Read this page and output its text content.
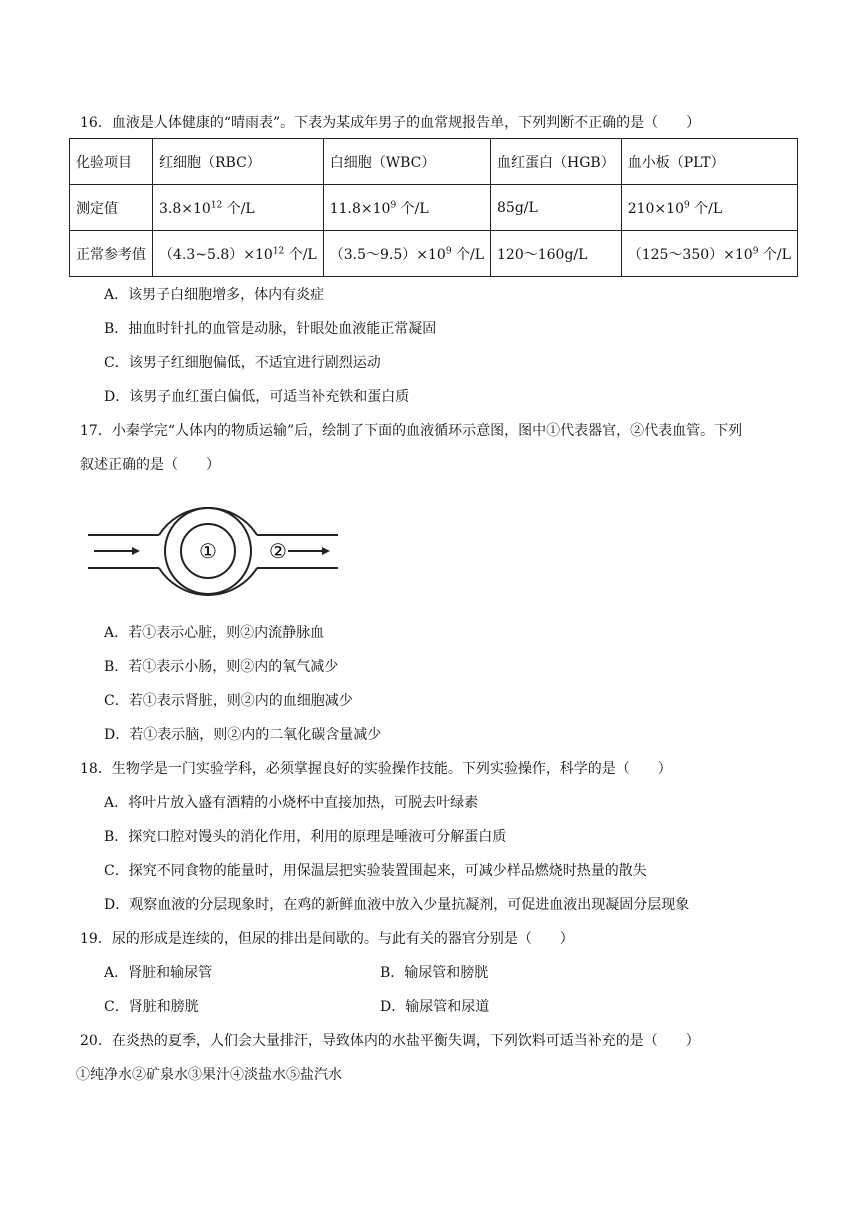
16．血液是人体健康的“晴雨表”。下表为某成年男子的血常规报告单，下列判断不正确的是（　　）
化验项目	红细胞（RBC）	白细胞（WBC）	血红蛋白（HGB）	血小板（PLT）
测定值	$3.8\times 10^{12}$ 个/L	$11.8\times 10^9$ 个/L	85g/L	$210\times 10^9$ 个/L
正常参考值	$(4.3\sim 5.8)\times 10^{12}$ 个/L	$(3.5\sim 9.5)\times 10^9$ 个/L	120～160g/L	$(125\sim 350)\times 10^9$ 个/L
A．该男子白细胞增多，体内有炎症
B．抽血时针扎的血管是动脉，针眼处血液能正常凝固
C．该男子红细胞偏低，不适宜进行剧烈运动
D．该男子血红蛋白偏低，可适当补充铁和蛋白质
17．小秦学完“人体内的物质运输”后，绘制了下面的血液循环示意图，图中①代表器官，②代表血管。下列
叙述正确的是（　　）
①	②
A．若①表示心脏，则②内流静脉血
B．若①表示小肠，则②内的氧气减少
C．若①表示肾脏，则②内的血细胞减少
D．若①表示脑，则②内的二氧化碳含量减少
18．生物学是一门实验学科，必须掌握良好的实验操作技能。下列实验操作，科学的是（　　）
A．将叶片放入盛有酒精的小烧杯中直接加热，可脱去叶绿素
B．探究口腔对馒头的消化作用，利用的原理是唾液可分解蛋白质
C．探究不同食物的能量时，用保温层把实验装置围起来，可减少样品燃烧时热量的散失
D．观察血液的分层现象时，在鸡的新鲜血液中放入少量抗凝剂，可促进血液出现凝固分层现象
19．尿的形成是连续的，但尿的排出是间歇的。与此有关的器官分别是（　　）
A．肾脏和输尿管	B．输尿管和膀胱
C．肾脏和膀胱	D．输尿管和尿道
20．在炎热的夏季，人们会大量排汗，导致体内的水盐平衡失调，下列饮料可适当补充的是（　　）
①纯净水②矿泉水③果汁④淡盐水⑤盐汽水
